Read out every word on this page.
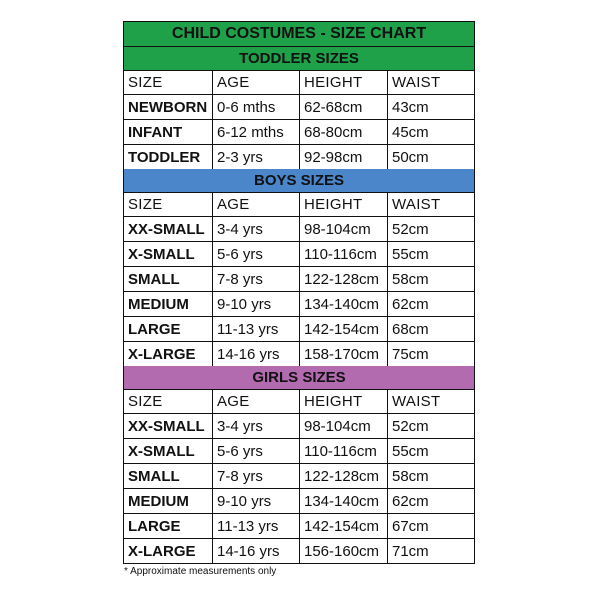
CHILD COSTUMES - SIZE CHART
TODDLER SIZES
SIZE	AGE	HEIGHT	WAIST
NEWBORN 0-6 mths	62-68cm	43cm
INFANT	6-12 mths	68-80cm	45cm
TODDLER	2-3 yrs	92-98cm	50cm
BOYS SIZES
SIZE	AGE	HEIGHT	WAIST
XX-SMALL 3-4 yrs	98-104cm	52cm
X-SMALL	5-6 yrs	110-116cm	55cm
SMALL	7-8 yrs	122-128cm 58cm
MEDIUM	9-10 yrs	134-140cm 62cm
LARGE	11-13 yrs	142-154cm 68cm
X-LARGE	14-16 yrs	158-170cm 75cm
GIRLS SIZES
SIZE	AGE	HEIGHT	WAIST
XX-SMALL 3-4 yrs	98-104cm	52cm
X-SMALL	5-6 yrs	110-116cm	55cm
SMALL	7-8 yrs	122-128cm 58cm
MEDIUM	9-10 yrs	134-140cm 62cm
LARGE	11-13 yrs	142-154cm 67cm
X-LARGE	14-16 yrs	156-160cm 71cm
* Approximate measurements only
